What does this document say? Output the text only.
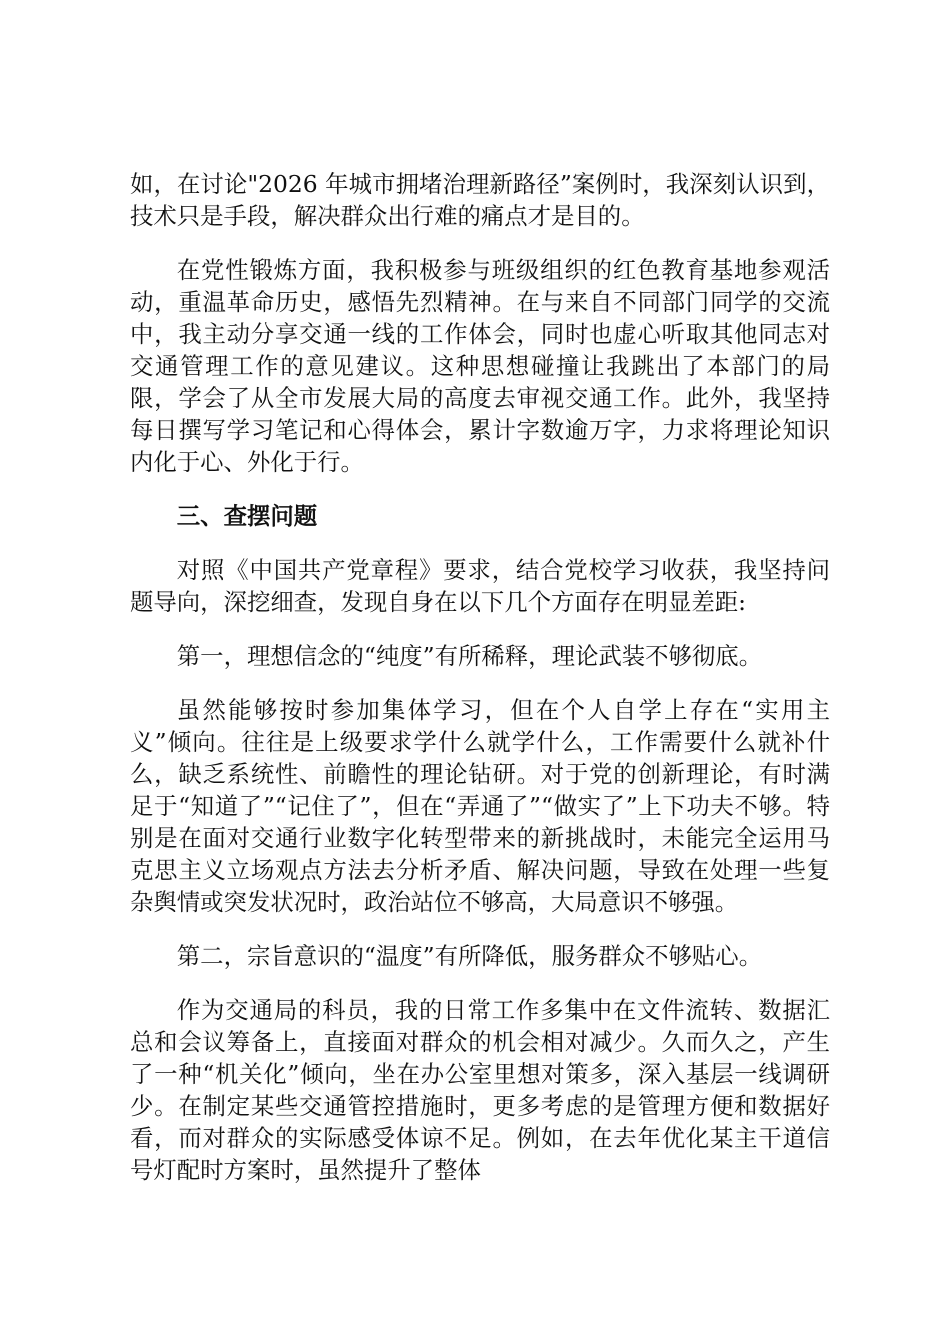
如，在讨论"2026 年城市拥堵治理新路径”案例时，我深刻认识到，技术只是手段，解决群众出行难的痛点才是目的。

在党性锻炼方面，我积极参与班级组织的红色教育基地参观活动，重温革命历史，感悟先烈精神。在与来自不同部门同学的交流中，我主动分享交通一线的工作体会，同时也虚心听取其他同志对交通管理工作的意见建议。这种思想碰撞让我跳出了本部门的局限，学会了从全市发展大局的高度去审视交通工作。此外，我坚持每日撰写学习笔记和心得体会，累计字数逾万字，力求将理论知识内化于心、外化于行。

三、查摆问题

对照《中国共产党章程》要求，结合党校学习收获，我坚持问题导向，深挖细查，发现自身在以下几个方面存在明显差距:

第一，理想信念的“纯度”有所稀释，理论武装不够彻底。

虽然能够按时参加集体学习，但在个人自学上存在“实用主义”倾向。往往是上级要求学什么就学什么，工作需要什么就补什么，缺乏系统性、前瞻性的理论钻研。对于党的创新理论，有时满足于“知道了”“记住了”，但在“弄通了”“做实了”上下功夫不够。特别是在面对交通行业数字化转型带来的新挑战时，未能完全运用马克思主义立场观点方法去分析矛盾、解决问题，导致在处理一些复杂舆情或突发状况时，政治站位不够高，大局意识不够强。

第二，宗旨意识的“温度”有所降低，服务群众不够贴心。

作为交通局的科员，我的日常工作多集中在文件流转、数据汇总和会议筹备上，直接面对群众的机会相对减少。久而久之，产生了一种“机关化”倾向，坐在办公室里想对策多，深入基层一线调研少。在制定某些交通管控措施时，更多考虑的是管理方便和数据好看，而对群众的实际感受体谅不足。例如，在去年优化某主干道信号灯配时方案时，虽然提升了整体
